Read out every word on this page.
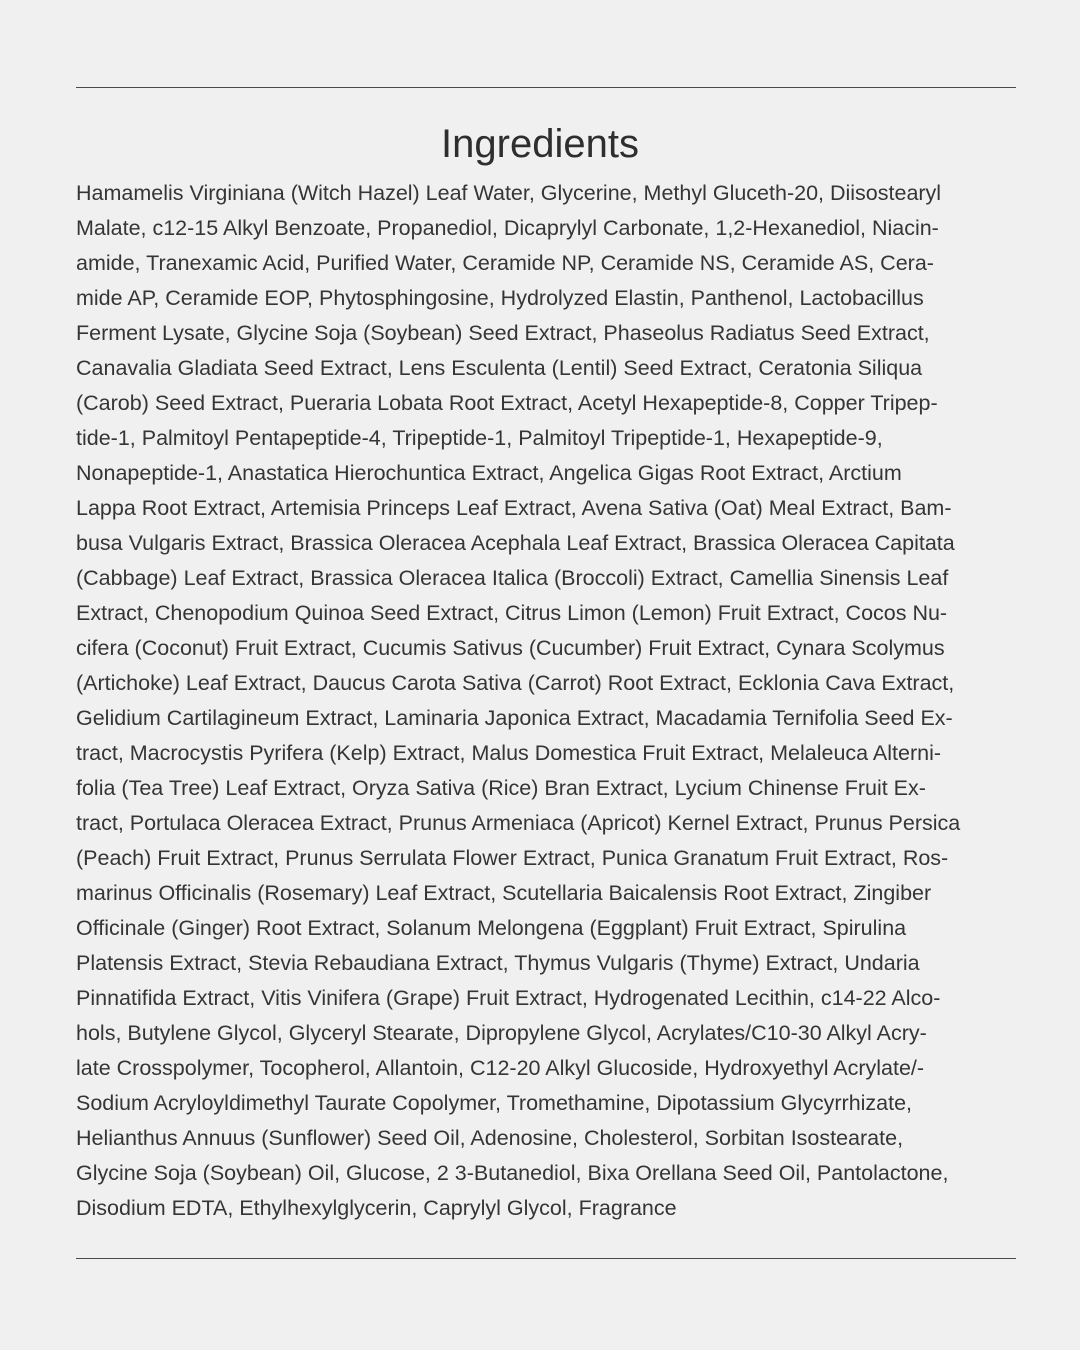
Ingredients
Hamamelis Virginiana (Witch Hazel) Leaf Water, Glycerine, Methyl Gluceth-20, Diisostearyl
Malate, c12-15 Alkyl Benzoate, Propanediol, Dicaprylyl Carbonate, 1,2-Hexanediol, Niacin-
amide, Tranexamic Acid, Purified Water, Ceramide NP, Ceramide NS, Ceramide AS, Cera-
mide AP, Ceramide EOP, Phytosphingosine, Hydrolyzed Elastin, Panthenol, Lactobacillus
Ferment Lysate, Glycine Soja (Soybean) Seed Extract, Phaseolus Radiatus Seed Extract,
Canavalia Gladiata Seed Extract, Lens Esculenta (Lentil) Seed Extract, Ceratonia Siliqua
(Carob) Seed Extract, Pueraria Lobata Root Extract, Acetyl Hexapeptide-8, Copper Tripep-
tide-1, Palmitoyl Pentapeptide-4, Tripeptide-1, Palmitoyl Tripeptide-1, Hexapeptide-9,
Nonapeptide-1, Anastatica Hierochuntica Extract, Angelica Gigas Root Extract, Arctium
Lappa Root Extract, Artemisia Princeps Leaf Extract, Avena Sativa (Oat) Meal Extract, Bam-
busa Vulgaris Extract, Brassica Oleracea Acephala Leaf Extract, Brassica Oleracea Capitata
(Cabbage) Leaf Extract, Brassica Oleracea Italica (Broccoli) Extract, Camellia Sinensis Leaf
Extract, Chenopodium Quinoa Seed Extract, Citrus Limon (Lemon) Fruit Extract, Cocos Nu-
cifera (Coconut) Fruit Extract, Cucumis Sativus (Cucumber) Fruit Extract, Cynara Scolymus
(Artichoke) Leaf Extract, Daucus Carota Sativa (Carrot) Root Extract, Ecklonia Cava Extract,
Gelidium Cartilagineum Extract, Laminaria Japonica Extract, Macadamia Ternifolia Seed Ex-
tract, Macrocystis Pyrifera (Kelp) Extract, Malus Domestica Fruit Extract, Melaleuca Alterni-
folia (Tea Tree) Leaf Extract, Oryza Sativa (Rice) Bran Extract, Lycium Chinense Fruit Ex-
tract, Portulaca Oleracea Extract, Prunus Armeniaca (Apricot) Kernel Extract, Prunus Persica
(Peach) Fruit Extract, Prunus Serrulata Flower Extract, Punica Granatum Fruit Extract, Ros-
marinus Officinalis (Rosemary) Leaf Extract, Scutellaria Baicalensis Root Extract, Zingiber
Officinale (Ginger) Root Extract, Solanum Melongena (Eggplant) Fruit Extract, Spirulina
Platensis Extract, Stevia Rebaudiana Extract, Thymus Vulgaris (Thyme) Extract, Undaria
Pinnatifida Extract, Vitis Vinifera (Grape) Fruit Extract, Hydrogenated Lecithin, c14-22 Alco-
hols, Butylene Glycol, Glyceryl Stearate, Dipropylene Glycol, Acrylates/C10-30 Alkyl Acry-
late Crosspolymer, Tocopherol, Allantoin, C12-20 Alkyl Glucoside, Hydroxyethyl Acrylate/-
Sodium Acryloyldimethyl Taurate Copolymer, Tromethamine, Dipotassium Glycyrrhizate,
Helianthus Annuus (Sunflower) Seed Oil, Adenosine, Cholesterol, Sorbitan Isostearate,
Glycine Soja (Soybean) Oil, Glucose, 2 3-Butanediol, Bixa Orellana Seed Oil, Pantolactone,
Disodium EDTA, Ethylhexylglycerin, Caprylyl Glycol, Fragrance
